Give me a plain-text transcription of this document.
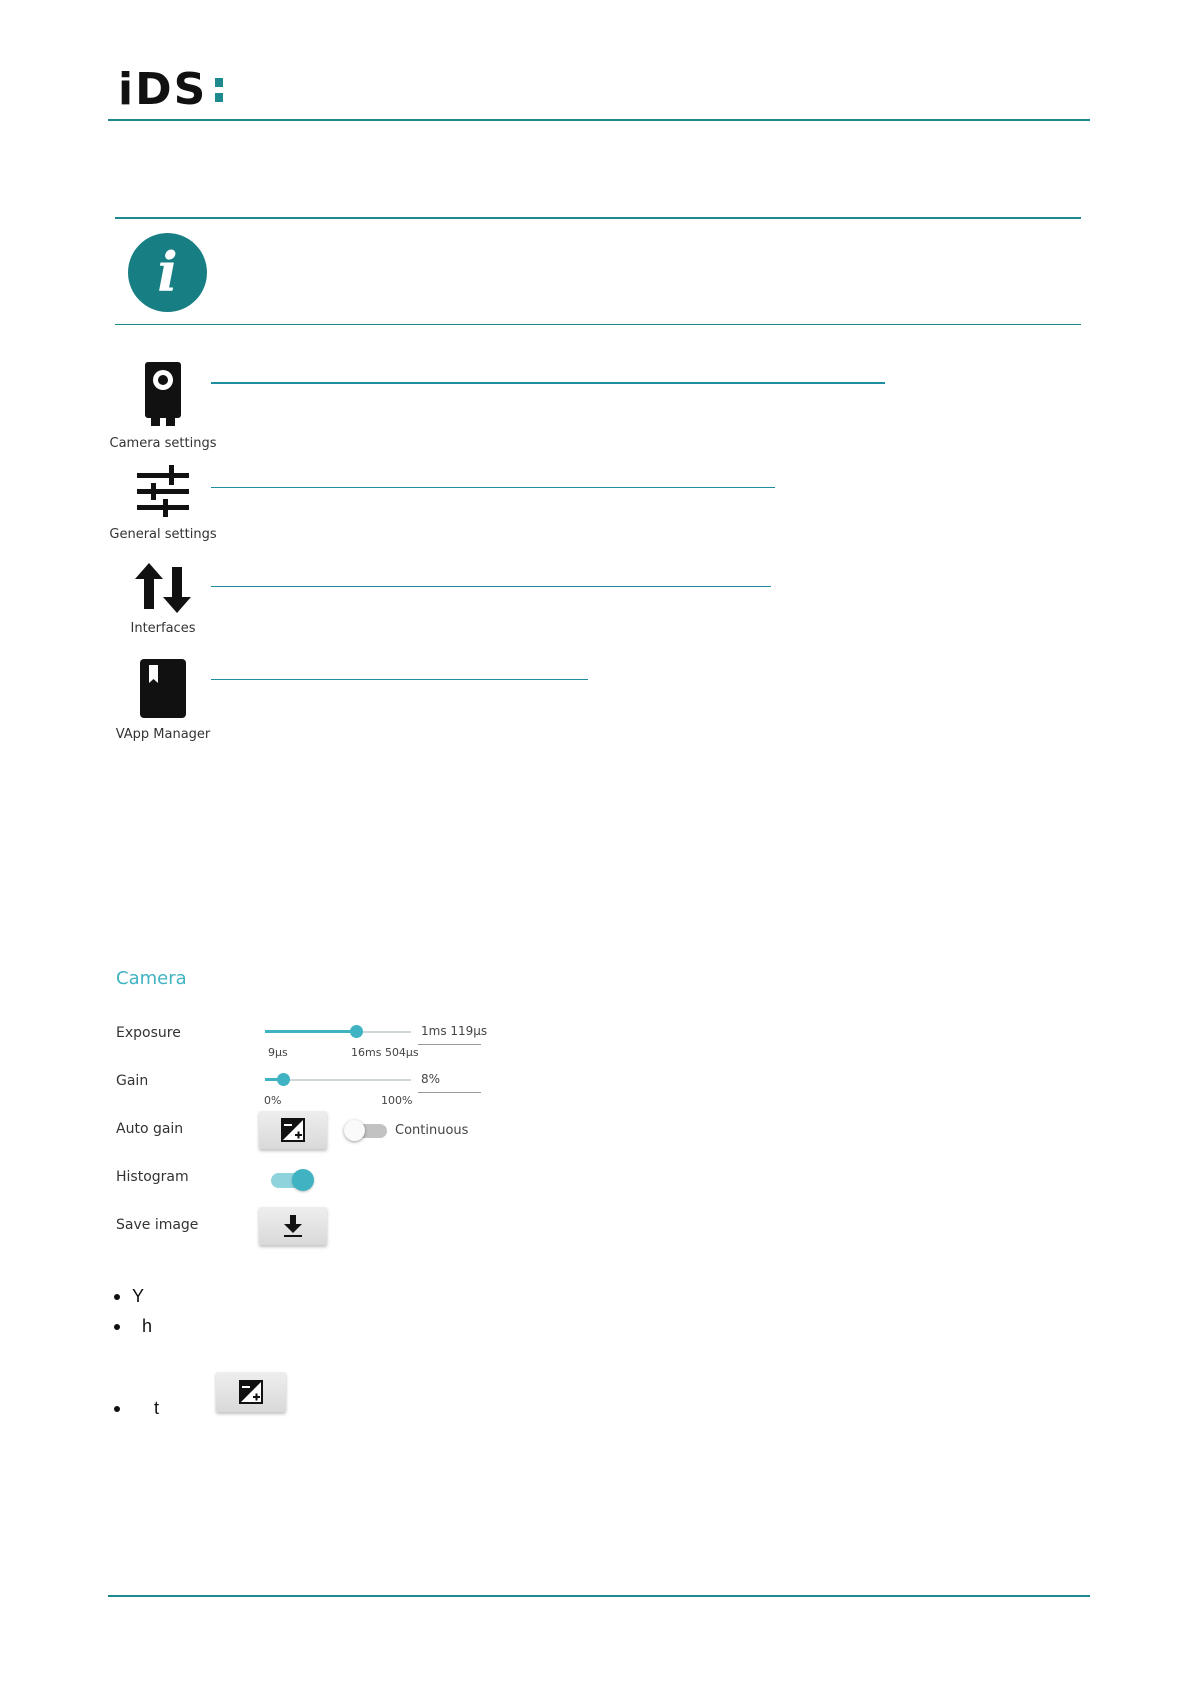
iDS
i
Camera settings
General settings
Interfaces
VApp Manager
Camera
Exposure	1ms 119µs
9µs	16ms 504µs
Gain	8%
0%	100%
Auto gain	Continuous
Histogram
Save image
Y
h
t
